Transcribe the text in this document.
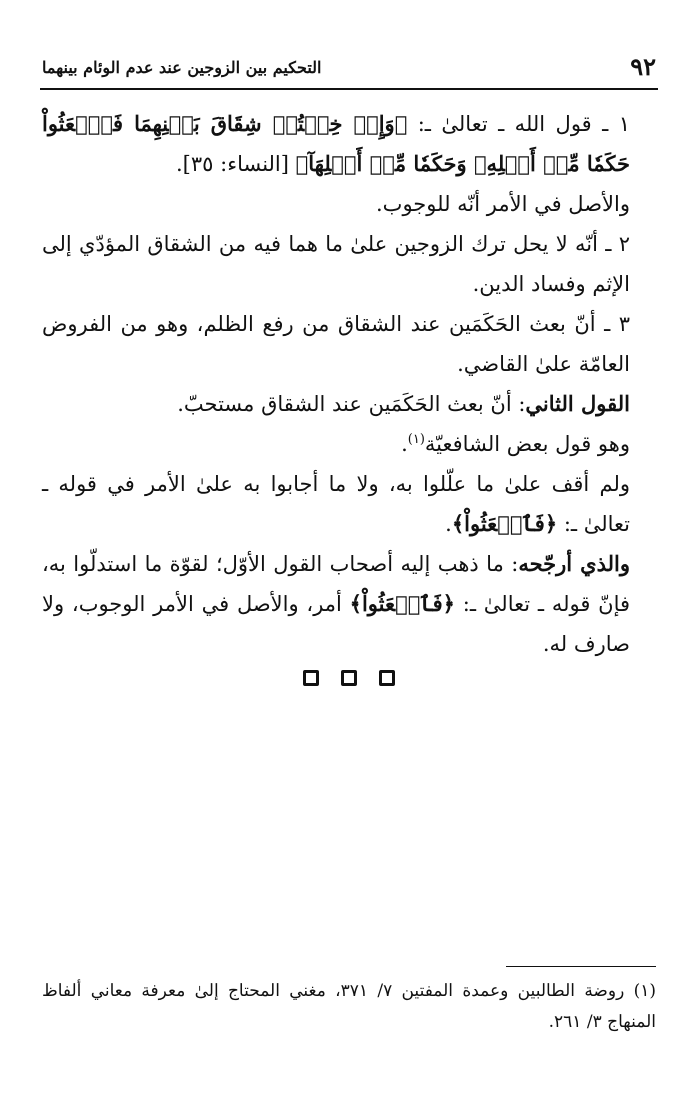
٩٢
التحكيم بين الزوجين عند عدم الوئام بينهما

١ ـ قول الله ـ تعالىٰ ـ: ﴿وَإِنۡ خِفۡتُمۡ شِقَاقَ بَيۡنِهِمَا فَٱبۡعَثُواْ حَكَمٗا مِّنۡ أَهۡلِهِۦ وَحَكَمٗا مِّنۡ أَهۡلِهَآ﴾ [النساء: ٣٥].

والأصل في الأمر أنّه للوجوب.

٢ ـ أنّه لا يحل ترك الزوجين علىٰ ما هما فيه من الشقاق المؤدّي إلى الإثم وفساد الدين.

٣ ـ أنّ بعث الحَكَمَين عند الشقاق من رفع الظلم، وهو من الفروض العامّة علىٰ القاضي.

القول الثاني: أنّ بعث الحَكَمَين عند الشقاق مستحبّ.

وهو قول بعض الشافعيّة$^{(١)}$.

ولم أقف علىٰ ما علّلوا به، ولا ما أجابوا به علىٰ الأمر في قوله ـ تعالىٰ ـ: ﴿فَٱبۡعَثُواْ﴾.

والذي أرجّحه: ما ذهب إليه أصحاب القول الأوّل؛ لقوّة ما استدلّوا به، فإنّ قوله ـ تعالىٰ ـ: ﴿فَٱبۡعَثُواْ﴾ أمر، والأصل في الأمر الوجوب، ولا صارف له.

(١) روضة الطالبين وعمدة المفتين ٧/ ٣٧١، مغني المحتاج إلىٰ معرفة معاني ألفاظ المنهاج ٣/ ٢٦١.
